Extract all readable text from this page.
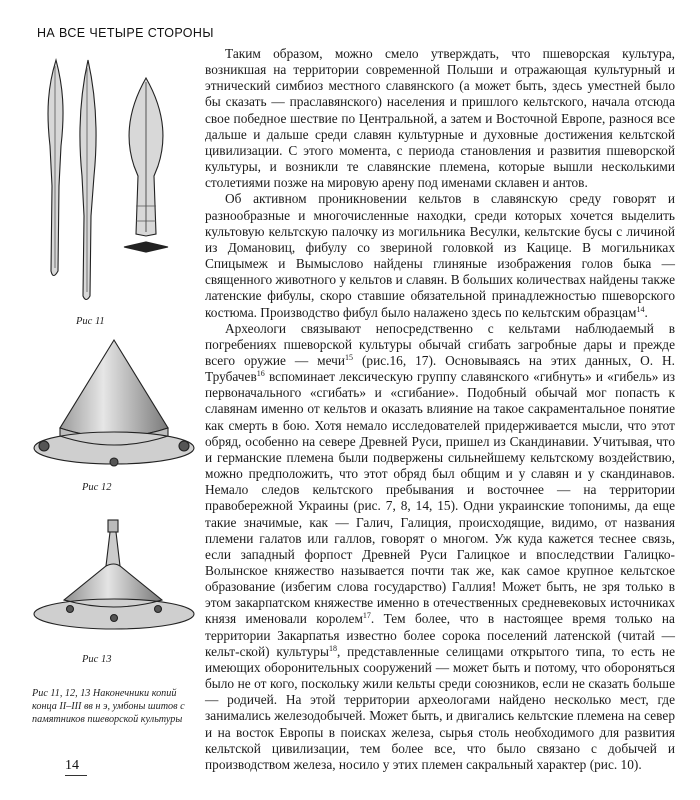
НА ВСЕ ЧЕТЫРЕ СТОРОНЫ
Рис 11
Рис 12
Рис 13
Рис 11, 12, 13 Наконечники копий конца II–III вв н э, умбоны шитов с памятников пшеворской культуры

Таким образом, можно смело утверждать, что пшеворская культура, возникшая на территории современной Польши и отражающая культурный и этнический симбиоз местного славянского (а может быть, здесь уместней было бы сказать — праславянского) населения и пришлого кельтского, начала отсюда свое победное шествие по Центральной, а затем и Восточной Европе, разнося все дальше и дальше среди славян культурные и духовные достижения кельтской цивилизации. С этого момента, с периода становления и развития пшеворской культуры, и возникли те славянские племена, которые вышли несколькими столетиями позже на мировую арену под именами склавен и антов.

Об активном проникновении кельтов в славянскую среду говорят и разнообразные и многочисленные находки, среди которых хочется выделить культовую кельтскую палочку из могильника Весулки, кельтские бусы с личиной из Домановиц, фибулу со звериной головкой из Кацице. В могильниках Спицымеж и Вымыслово найдены глиняные изображения голов быка — священного животного у кельтов и славян. В больших количествах найдены также латенские фибулы, скоро ставшие обязательной принадлежностью пшеворского костюма. Производство фибул было налажено здесь по кельтским образцам$^{14}$.

Археологи связывают непосредственно с кельтами наблюдаемый в погребениях пшеворской культуры обычай сгибать загробные дары и прежде всего оружие — мечи$^{15}$ (рис.16, 17). Основываясь на этих данных, О. Н. Трубачев$^{16}$ вспоминает лексическую группу славянского «гибнуть» и «гибель» из первоначального «сгибать» и «сгибание». Подобный обычай мог попасть к славянам именно от кельтов и оказать влияние на такое сакраментальное понятие как смерть в бою. Хотя немало исследователей придерживается мысли, что этот обряд, особенно на севере Древней Руси, пришел из Скандинавии. Учитывая, что и германские племена были подвержены сильнейшему кельтскому воздействию, можно предположить, что этот обряд был общим и у славян и у скандинавов. Немало следов кельтского пребывания и восточнее — на территории правобережной Украины (рис. 7, 8, 14, 15). Одни украинские топонимы, да еще такие значимые, как — Галич, Галиция, происходящие, видимо, от названия племени галатов или галлов, говорят о многом. Уж куда кажется теснее связь, если западный форпост Древней Руси Галицкое и впоследствии Галицко-Волынское княжество называется почти так же, как самое крупное кельтское образование (избегим слова государство) Галлия! Может быть, не зря только в этом закарпатском княжестве именно в отечественных средневековых источниках князя именовали королем$^{17}$. Тем более, что в настоящее время только на территории Закарпатья известно более сорока поселений латенской (читай — кельт-ской) культуры$^{18}$, представленные селищами открытого типа, то есть не имеющих оборонительных сооружений — может быть и потому, что обороняться было не от кого, поскольку жили кельты среди союзников, если не сказать больше — родичей. На этой территории археологами найдено несколько мест, где занимались железодобычей. Может быть, и двигались кельтские племена на север и на восток Европы в поисках железа, сырья столь необходимого для развития кельтской цивилизации, тем более все, что было связано с добычей и производством железа, носило у этих племен сакральный характер (рис. 10).

14
